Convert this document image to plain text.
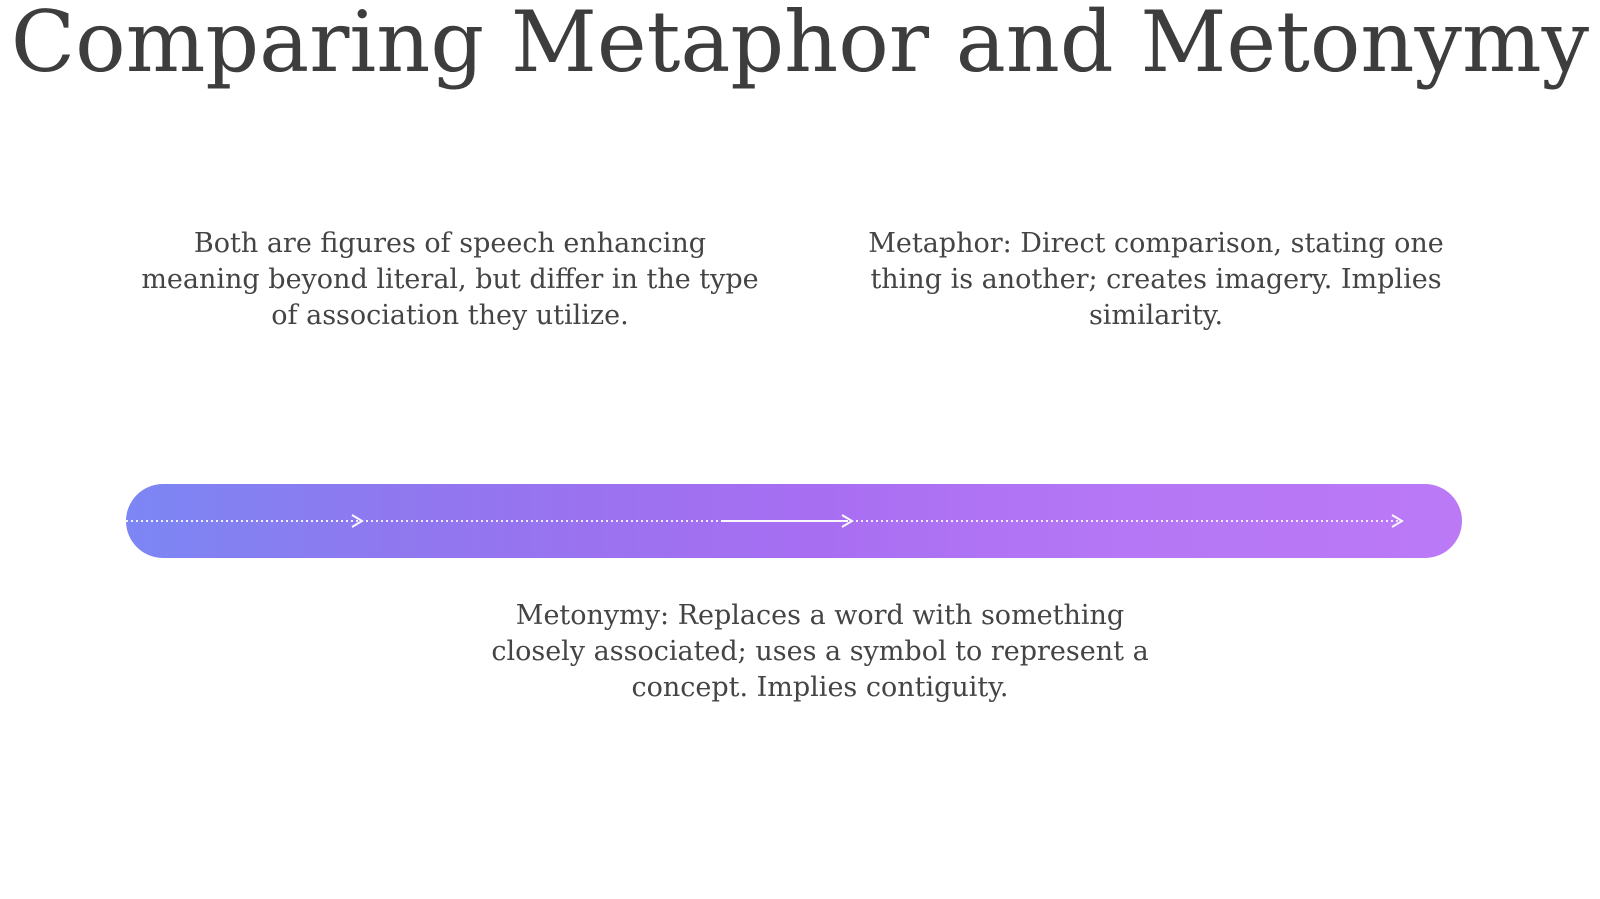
Comparing Metaphor and Metonymy

Both are figures of speech enhancing meaning beyond literal, but differ in the type of association they utilize.

Metaphor: Direct comparison, stating one thing is another; creates imagery. Implies similarity.

Metonymy: Replaces a word with something closely associated; uses a symbol to represent a concept. Implies contiguity.
